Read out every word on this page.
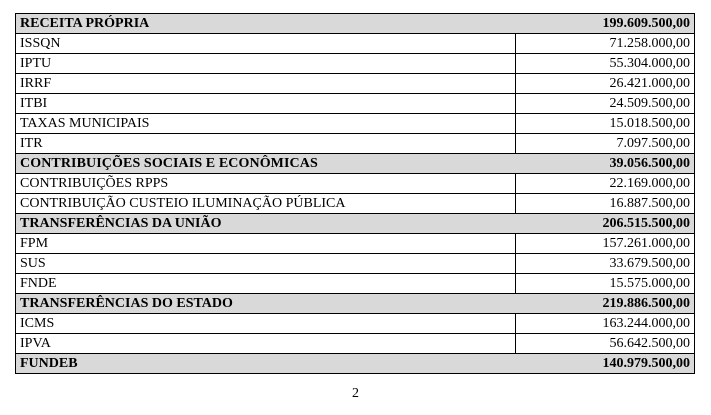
RECEITA PRÓPRIA	199.609.500,00
ISSQN	71.258.000,00
IPTU	55.304.000,00
IRRF	26.421.000,00
ITBI	24.509.500,00
TAXAS MUNICIPAIS	15.018.500,00
ITR	7.097.500,00
CONTRIBUIÇÕES SOCIAIS E ECONÔMICAS	39.056.500,00
CONTRIBUIÇÕES RPPS	22.169.000,00
CONTRIBUIÇÃO CUSTEIO ILUMINAÇÃO PÚBLICA	16.887.500,00
TRANSFERÊNCIAS DA UNIÃO	206.515.500,00
FPM	157.261.000,00
SUS	33.679.500,00
FNDE	15.575.000,00
TRANSFERÊNCIAS DO ESTADO	219.886.500,00
ICMS	163.244.000,00
IPVA	56.642.500,00
FUNDEB	140.979.500,00
2
